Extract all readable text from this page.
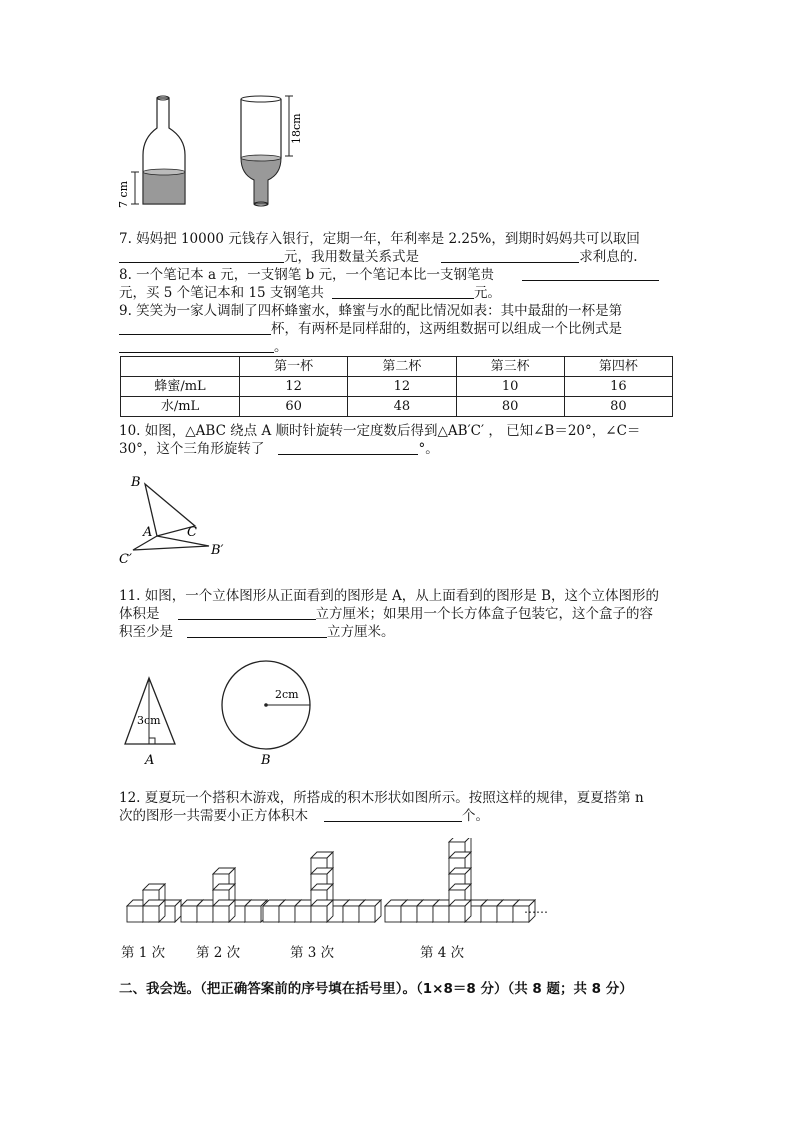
7 cm
18cm
7. 妈妈把 10000 元钱存入银行，定期一年，年利率是 2.25%，到期时妈妈共可以取回
元，我用数量关系式是	求利息的.
8. 一个笔记本 a 元，一支钢笔 b 元，一个笔记本比一支钢笔贵
元，买 5 个笔记本和 15 支钢笔共	元。
9. 笑笑为一家人调制了四杯蜂蜜水，蜂蜜与水的配比情况如表：其中最甜的一杯是第
杯，有两杯是同样甜的，这两组数据可以组成一个比例式是
。
	第一杯	第二杯	第三杯	第四杯
蜂蜜/mL	12	12	10	16
水/mL	60	48	80	80
10. 如图，△ABC 绕点 A 顺时针旋转一定度数后得到△AB′C′ ， 已知∠B＝20°，∠C＝
30°，这个三角形旋转了	°。
B
A	C
C′
B′
11. 如图，一个立体图形从正面看到的图形是 A，从上面看到的图形是 B，这个立体图形的
体积是	立方厘米；如果用一个长方体盒子包装它，这个盒子的容
积至少是	立方厘米。
3cm
A
2cm
B
12. 夏夏玩一个搭积木游戏，所搭成的积木形状如图所示。按照这样的规律，夏夏搭第 n
次的图形一共需要小正方体积木	个。
第 1 次 第 2 次	第 3 次	第 4 次
……
二、我会选。（把正确答案前的序号填在括号里）。（1×8＝8 分）（共 8 题；共 8 分）
